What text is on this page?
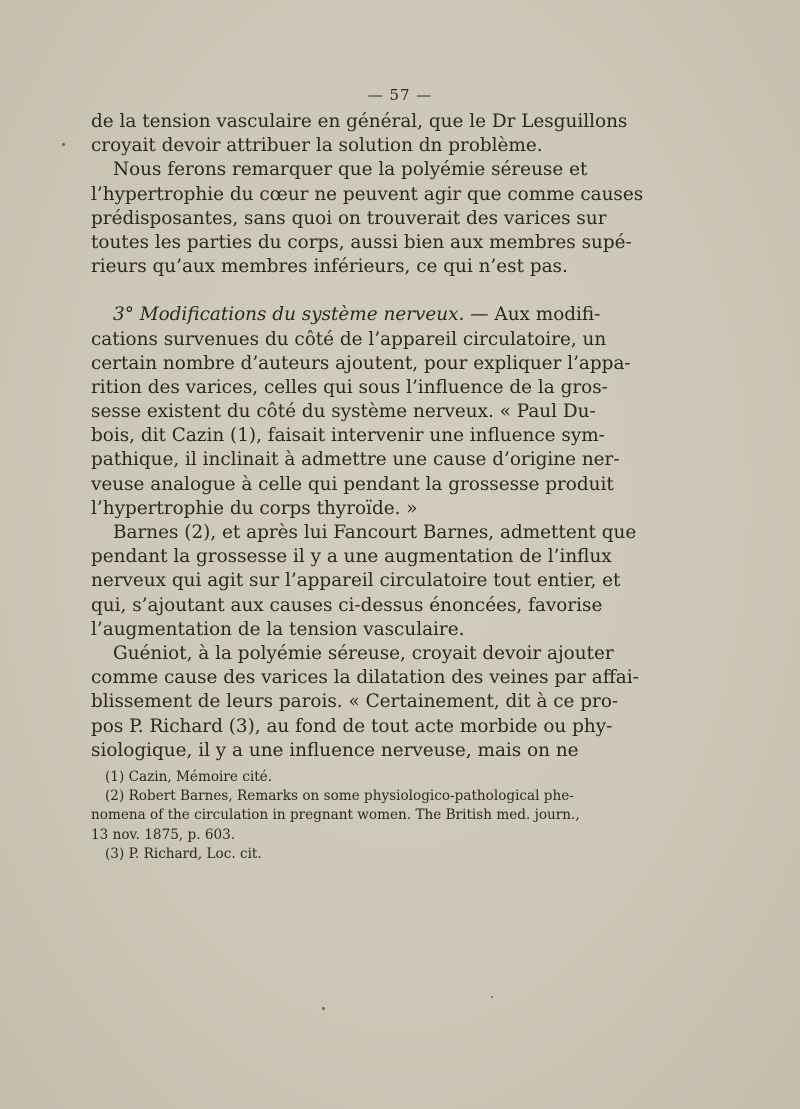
— 57 —
de la tension vasculaire en général, que le Dr Lesguillons
croyait devoir attribuer la solution dn problème.
Nous ferons remarquer que la polyémie séreuse et
l’hypertrophie du cœur ne peuvent agir que comme causes
prédisposantes, sans quoi on trouverait des varices sur
toutes les parties du corps, aussi bien aux membres supé-
rieurs qu’aux membres inférieurs, ce qui n’est pas.
3° Modifications du système nerveux. — Aux modifi-
cations survenues du côté de l’appareil circulatoire, un
certain nombre d’auteurs ajoutent, pour expliquer l’appa-
rition des varices, celles qui sous l’influence de la gros-
sesse existent du côté du système nerveux. « Paul Du-
bois, dit Cazin (1), faisait intervenir une influence sym-
pathique, il inclinait à admettre une cause d’origine ner-
veuse analogue à celle qui pendant la grossesse produit
l’hypertrophie du corps thyroïde. »
Barnes (2), et après lui Fancourt Barnes, admettent que
pendant la grossesse il y a une augmentation de l’influx
nerveux qui agit sur l’appareil circulatoire tout entier, et
qui, s’ajoutant aux causes ci-dessus énoncées, favorise
l’augmentation de la tension vasculaire.
Guéniot, à la polyémie séreuse, croyait devoir ajouter
comme cause des varices la dilatation des veines par affai-
blissement de leurs parois. « Certainement, dit à ce pro-
pos P. Richard (3), au fond de tout acte morbide ou phy-
siologique, il y a une influence nerveuse, mais on ne
(1) Cazin, Mémoire cité.
(2) Robert Barnes, Remarks on some physiologico-pathological phe-
nomena of the circulation in pregnant women. The British med. journ.,
13 nov. 1875, p. 603.
(3) P. Richard, Loc. cit.
